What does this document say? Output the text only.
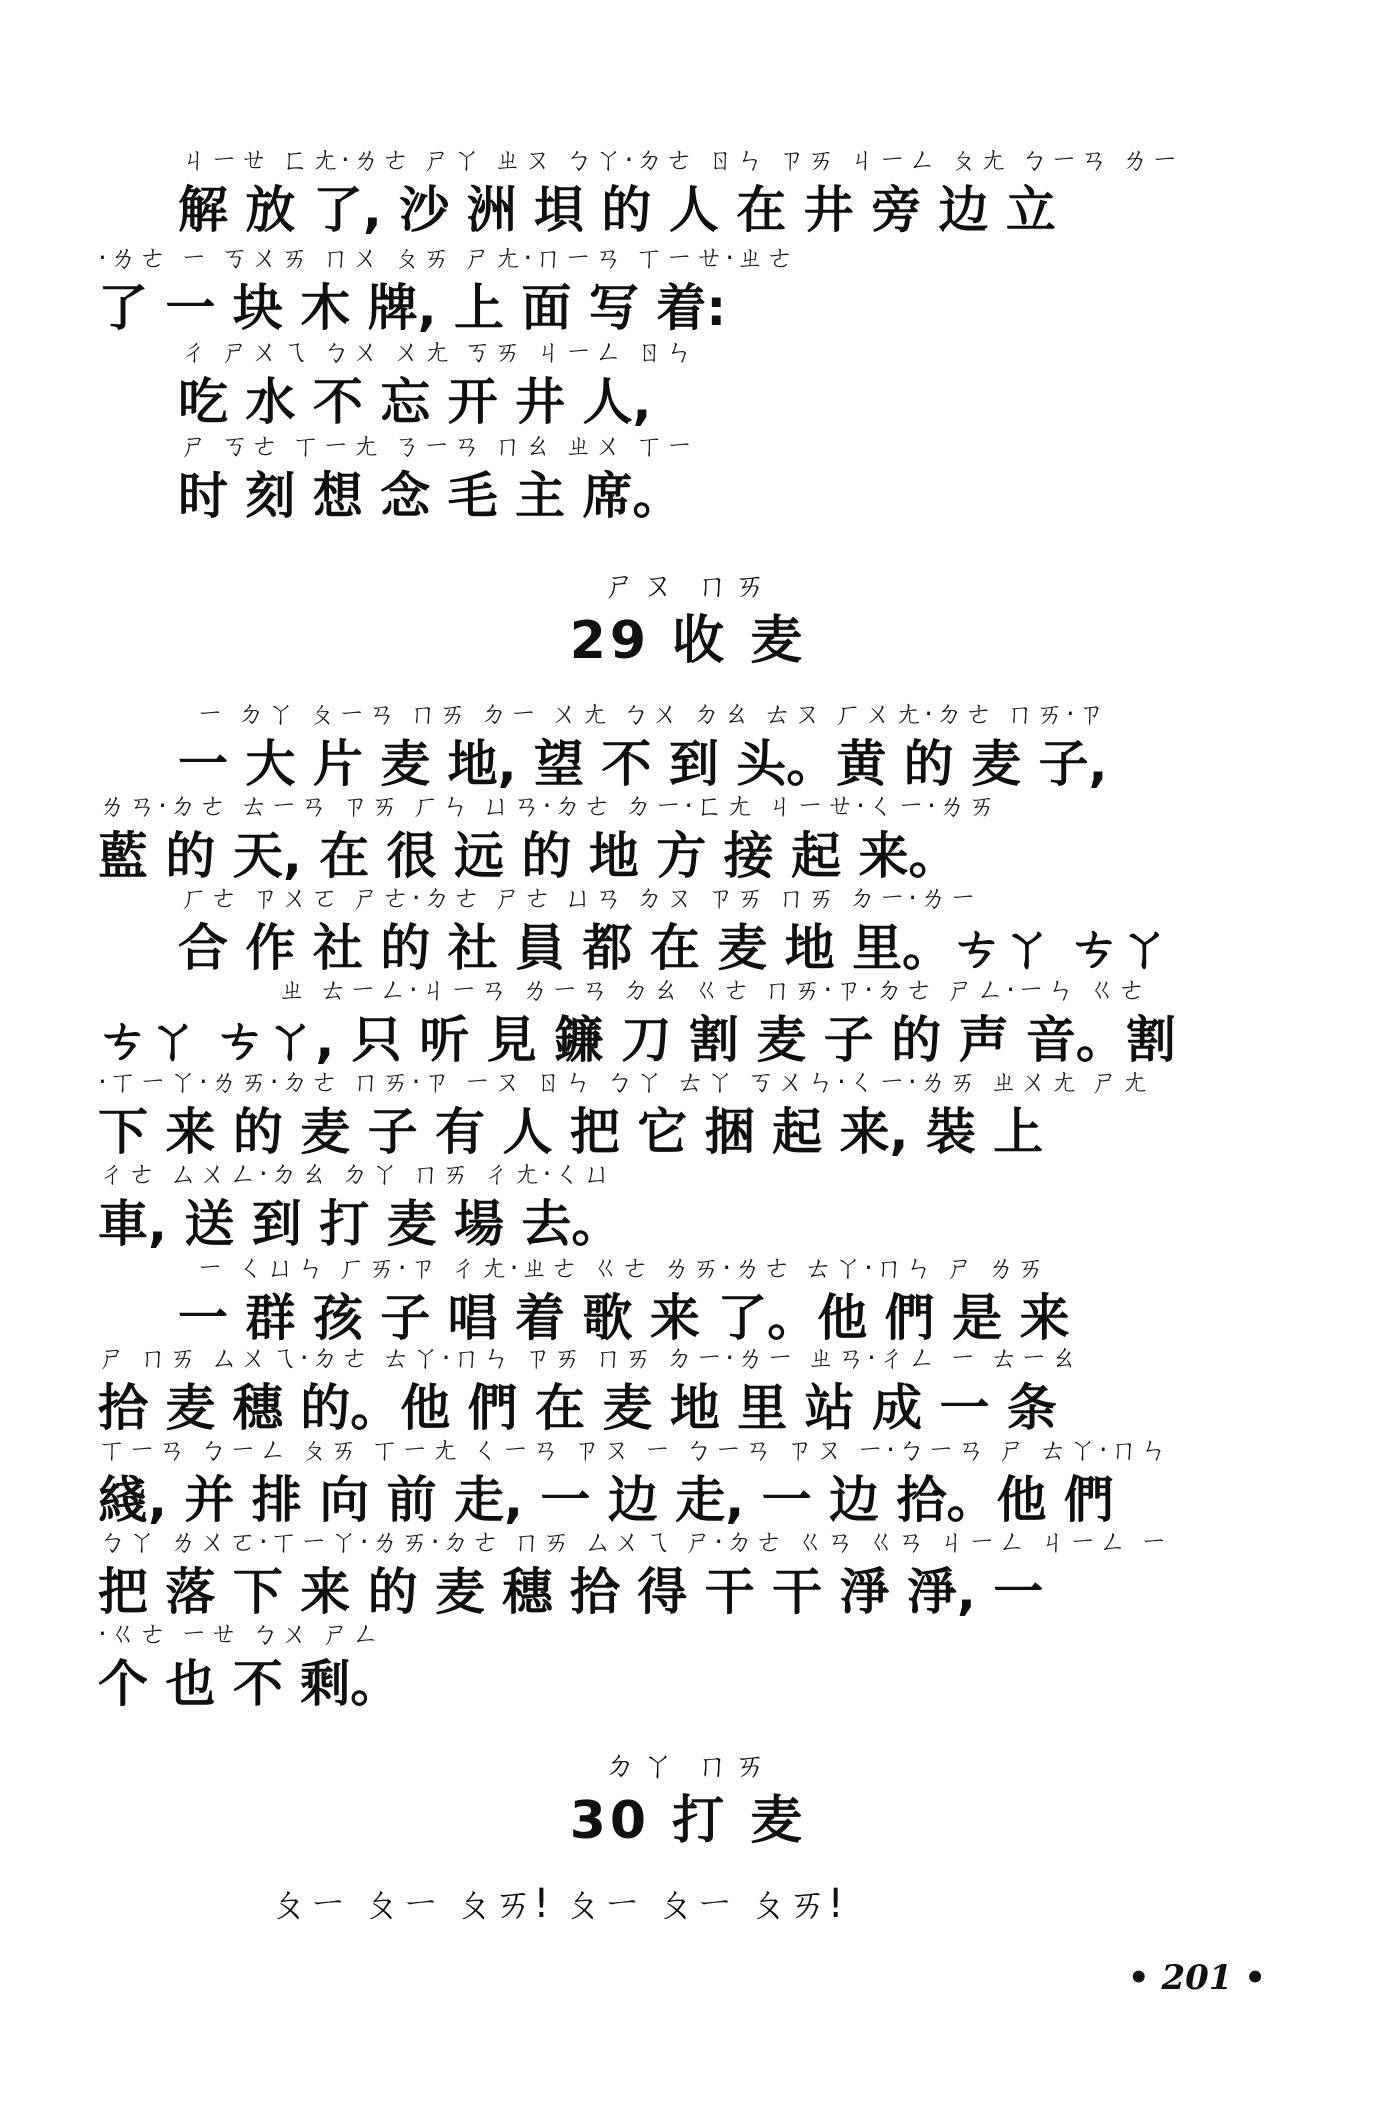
ㄐㄧㄝ ㄈㄤ·ㄌㄜ ㄕㄚ ㄓㄡ ㄅㄚ·ㄉㄜ ㄖㄣ ㄗㄞ ㄐㄧㄥ ㄆㄤ ㄅㄧㄢ ㄌㄧ
解 放 了, 沙 洲 垻 的 人 在 井 旁 边 立
·ㄌㄜ ㄧ ㄎㄨㄞ ㄇㄨ ㄆㄞ ㄕㄤ·ㄇㄧㄢ ㄒㄧㄝ·ㄓㄜ
了 一 块 木 牌, 上 面 写 着:
ㄔ ㄕㄨㄟ ㄅㄨ ㄨㄤ ㄎㄞ ㄐㄧㄥ ㄖㄣ
吃 水 不 忘 开 井 人,
ㄕ ㄎㄜ ㄒㄧㄤ ㄋㄧㄢ ㄇㄠ ㄓㄨ ㄒㄧ
时 刻 想 念 毛 主 席。
ㄕㄡ ㄇㄞ
29 收 麦
ㄧ ㄉㄚ ㄆㄧㄢ ㄇㄞ ㄉㄧ ㄨㄤ ㄅㄨ ㄉㄠ ㄊㄡ ㄏㄨㄤ·ㄉㄜ ㄇㄞ·ㄗ
一 大 片 麦 地, 望 不 到 头。黄 的 麦 子,
ㄌㄢ·ㄉㄜ ㄊㄧㄢ ㄗㄞ ㄏㄣ ㄩㄢ·ㄉㄜ ㄉㄧ·ㄈㄤ ㄐㄧㄝ·ㄑㄧ·ㄌㄞ
藍 的 天, 在 很 远 的 地 方 接 起 来。
ㄏㄜ ㄗㄨㄛ ㄕㄜ·ㄉㄜ ㄕㄜ ㄩㄢ ㄉㄡ ㄗㄞ ㄇㄞ ㄉㄧ·ㄌㄧ
合 作 社 的 社 員 都 在 麦 地 里。ㄘㄚ ㄘㄚ
ㄓ ㄊㄧㄥ·ㄐㄧㄢ ㄌㄧㄢ ㄉㄠ ㄍㄜ ㄇㄞ·ㄗ·ㄉㄜ ㄕㄥ·ㄧㄣ ㄍㄜ
ㄘㄚ ㄘㄚ, 只 听 見 鐮 刀 割 麦 子 的 声 音。割
·ㄒㄧㄚ·ㄌㄞ·ㄉㄜ ㄇㄞ·ㄗ ㄧㄡ ㄖㄣ ㄅㄚ ㄊㄚ ㄎㄨㄣ·ㄑㄧ·ㄌㄞ ㄓㄨㄤ ㄕㄤ
下 来 的 麦 子 有 人 把 它 捆 起 来, 裝 上
ㄔㄜ ㄙㄨㄥ·ㄉㄠ ㄉㄚ ㄇㄞ ㄔㄤ·ㄑㄩ
車, 送 到 打 麦 場 去。
ㄧ ㄑㄩㄣ ㄏㄞ·ㄗ ㄔㄤ·ㄓㄜ ㄍㄜ ㄌㄞ·ㄌㄜ ㄊㄚ·ㄇㄣ ㄕ ㄌㄞ
一 群 孩 子 唱 着 歌 来 了。他 們 是 来
ㄕ ㄇㄞ ㄙㄨㄟ·ㄉㄜ ㄊㄚ·ㄇㄣ ㄗㄞ ㄇㄞ ㄉㄧ·ㄌㄧ ㄓㄢ·ㄔㄥ ㄧ ㄊㄧㄠ
拾 麦 穗 的。他 們 在 麦 地 里 站 成 一 条
ㄒㄧㄢ ㄅㄧㄥ ㄆㄞ ㄒㄧㄤ ㄑㄧㄢ ㄗㄡ ㄧ ㄅㄧㄢ ㄗㄡ ㄧ·ㄅㄧㄢ ㄕ ㄊㄚ·ㄇㄣ
綫, 并 排 向 前 走, 一 边 走, 一 边 拾。他 們
ㄅㄚ ㄌㄨㄛ·ㄒㄧㄚ·ㄌㄞ·ㄉㄜ ㄇㄞ ㄙㄨㄟ ㄕ·ㄉㄜ ㄍㄢ ㄍㄢ ㄐㄧㄥ ㄐㄧㄥ ㄧ
把 落 下 来 的 麦 穗 拾 得 干 干 淨 淨, 一
·ㄍㄜ ㄧㄝ ㄅㄨ ㄕㄥ
个 也 不 剩。
ㄉㄚ ㄇㄞ
30 打 麦
ㄆㄧ ㄆㄧ ㄆㄞ! ㄆㄧ ㄆㄧ ㄆㄞ!
• 201 •
